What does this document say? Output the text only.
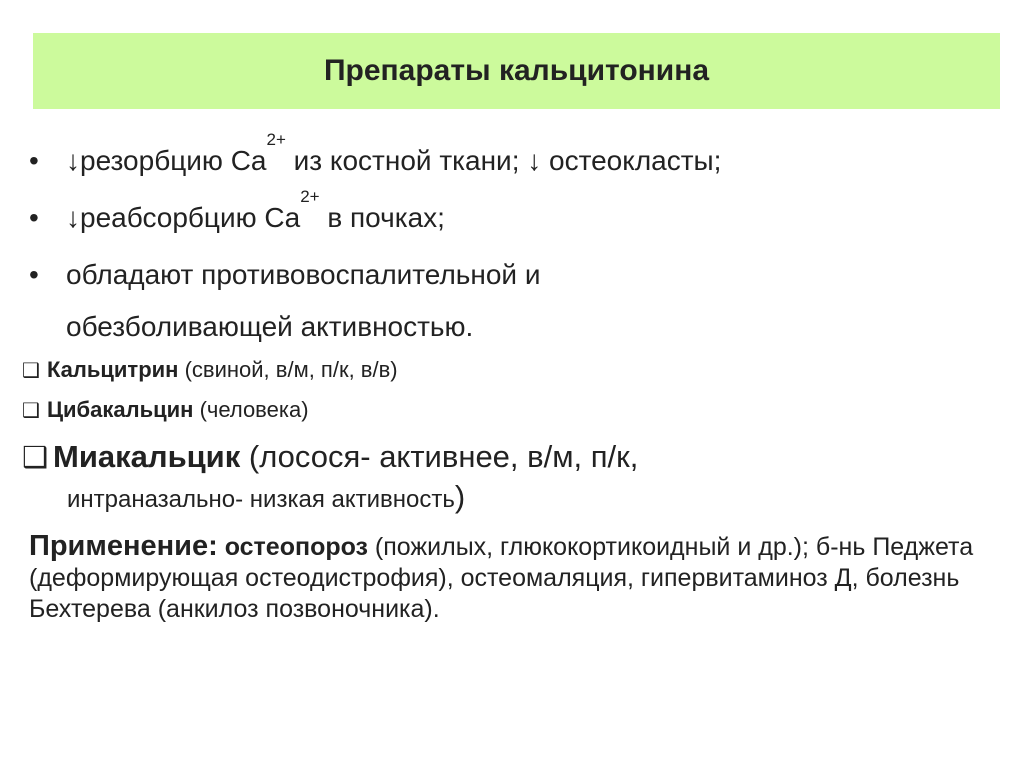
Препараты кальцитонина
• ↓резорбцию $Ca^{2+}$ из костной ткани; ↓ остеокласты;
• ↓реабсорбцию $Ca^{2+}$ в почках;
• обладают противовоспалительной и
обезболивающей активностью.
❑ Кальцитрин (свиной, в/м, п/к, в/в)
❑ Цибакальцин (человека)
❑ Миакальцик (лосося- активнее, в/м, п/к,
интраназально- низкая активность)
Применение: остеопороз (пожилых, глюкокортикоидный и др.); б-нь Педжета (деформирующая остеодистрофия), остеомаляция, гипервитаминоз Д, болезнь Бехтерева (анкилоз позвоночника).
